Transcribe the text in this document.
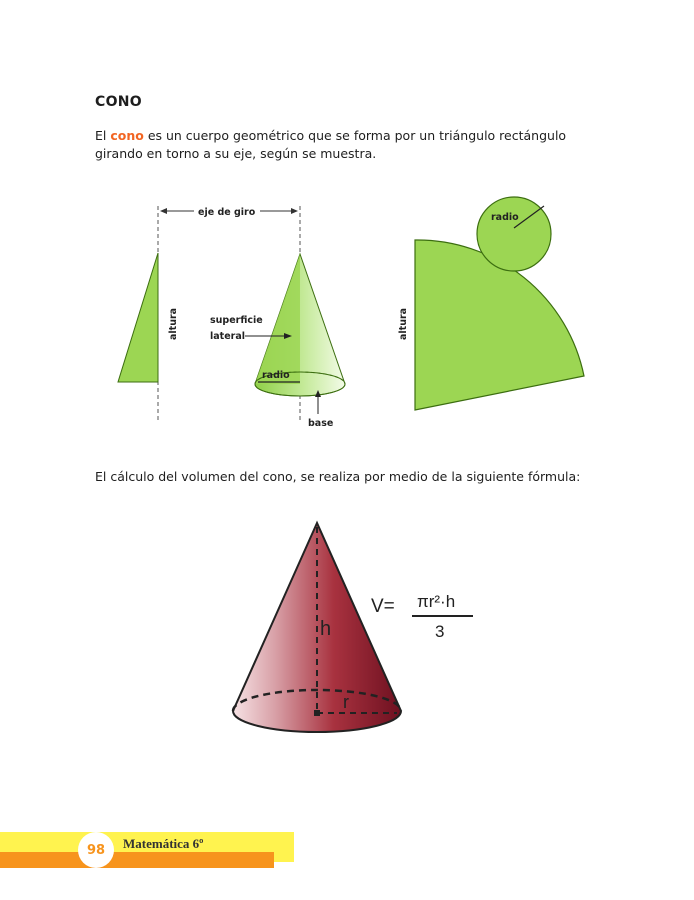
CONO
El cono es un cuerpo geométrico que se forma por un triángulo rectángulo girando en torno a su eje, según se muestra.
eje de giro
altura
radio
superficie
lateral
base
altura
radio
El cálculo del volumen del cono, se realiza por medio de la siguiente fórmula:
h
r
V= πr²·h
3
98	Matemática 6º
